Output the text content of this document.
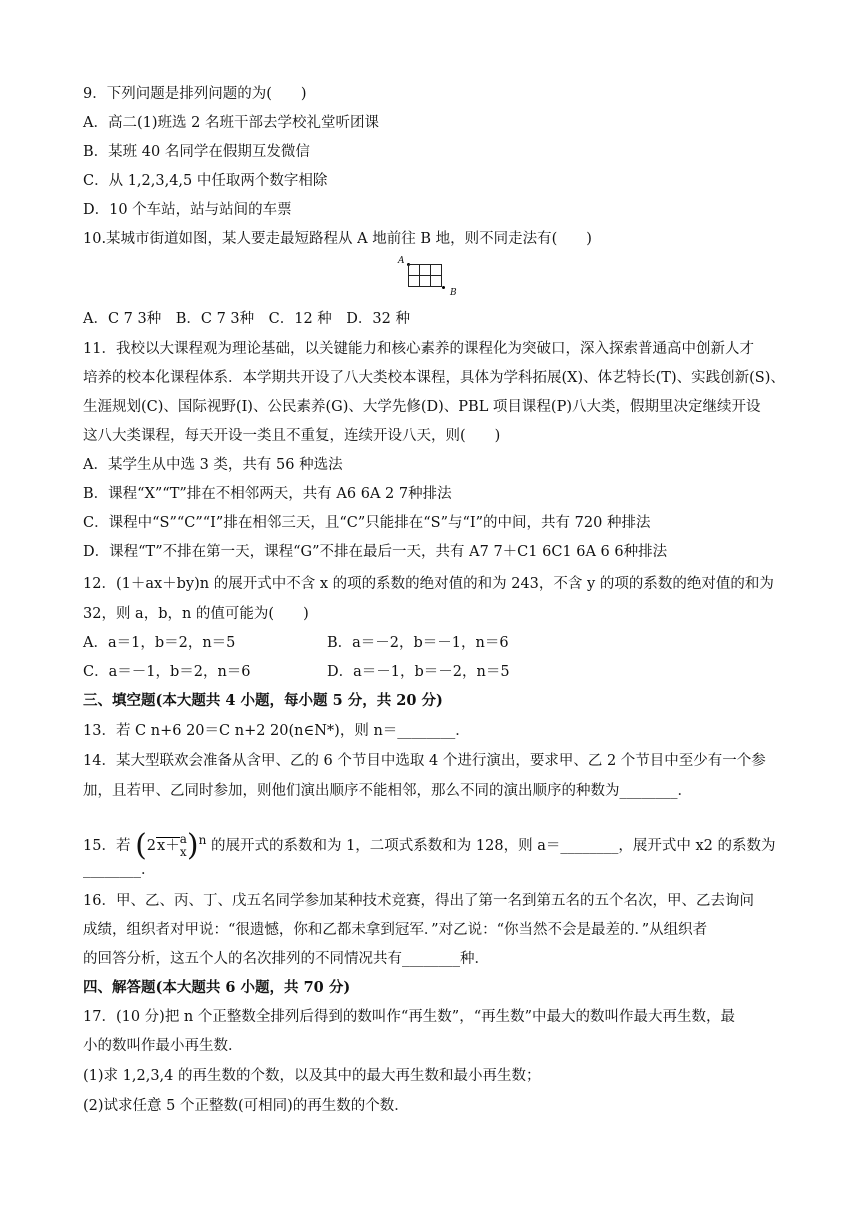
9．下列问题是排列问题的为(　　)
A．高二(1)班选 2 名班干部去学校礼堂听团课
B．某班 40 名同学在假期互发微信
C．从 1,2,3,4,5 中任取两个数字相除
D．10 个车站，站与站间的车票
10.某城市街道如图，某人要走最短路程从 A 地前往 B 地，则不同走法有(　　)
A

B
A．C 7 3种　B．C 7 3种　C．12 种　D．32 种
11．我校以大课程观为理论基础，以关键能力和核心素养的课程化为突破口，深入探索普通高中创新人才
培养的校本化课程体系．本学期共开设了八大类校本课程，具体为学科拓展(X)、体艺特长(T)、实践创新(S)、
生涯规划(C)、国际视野(I)、公民素养(G)、大学先修(D)、PBL 项目课程(P)八大类，假期里决定继续开设
这八大类课程，每天开设一类且不重复，连续开设八天，则(　　)
A．某学生从中选 3 类，共有 56 种选法
B．课程“X”“T”排在不相邻两天，共有 A6 6A 2 7种排法
C．课程中“S”“C”“I”排在相邻三天，且“C”只能排在“S”与“I”的中间，共有 720 种排法
D．课程“T”不排在第一天，课程“G”不排在最后一天，共有 A7 7＋C1 6C1 6A 6 6种排法
12．(1＋ax＋by)n 的展开式中不含 x 的项的系数的绝对值的和为 243，不含 y 的项的系数的绝对值的和为
32，则 a，b，n 的值可能为(　　)
A．a＝1，b＝2，n＝5	B．a＝－2，b＝－1，n＝6
C．a＝－1，b＝2，n＝6	D．a＝－1，b＝－2，n＝5
三、填空题(本大题共 4 小题，每小题 5 分，共 20 分)
13．若 C n+6 20＝C n+2 20(n∈N*)，则 n＝________．
14．某大型联欢会准备从含甲、乙的 6 个节目中选取 4 个进行演出，要求甲、乙 2 个节目中至少有一个参
加，且若甲、乙同时参加，则他们演出顺序不能相邻，那么不同的演出顺序的种数为________．
15．若 (2x＋a
x)$^n$ 的展开式的系数和为 1，二项式系数和为 128，则 a＝________，展开式中 x2 的系数为
________．
16．甲、乙、丙、丁、戊五名同学参加某种技术竞赛，得出了第一名到第五名的五个名次，甲、乙去询问
成绩，组织者对甲说：“很遗憾，你和乙都未拿到冠军．”对乙说：“你当然不会是最差的．”从组织者
的回答分析，这五个人的名次排列的不同情况共有________种．
四、解答题(本大题共 6 小题，共 70 分)
17．(10 分)把 n 个正整数全排列后得到的数叫作“再生数”，“再生数”中最大的数叫作最大再生数，最
小的数叫作最小再生数．
(1)求 1,2,3,4 的再生数的个数，以及其中的最大再生数和最小再生数；
(2)试求任意 5 个正整数(可相同)的再生数的个数．
